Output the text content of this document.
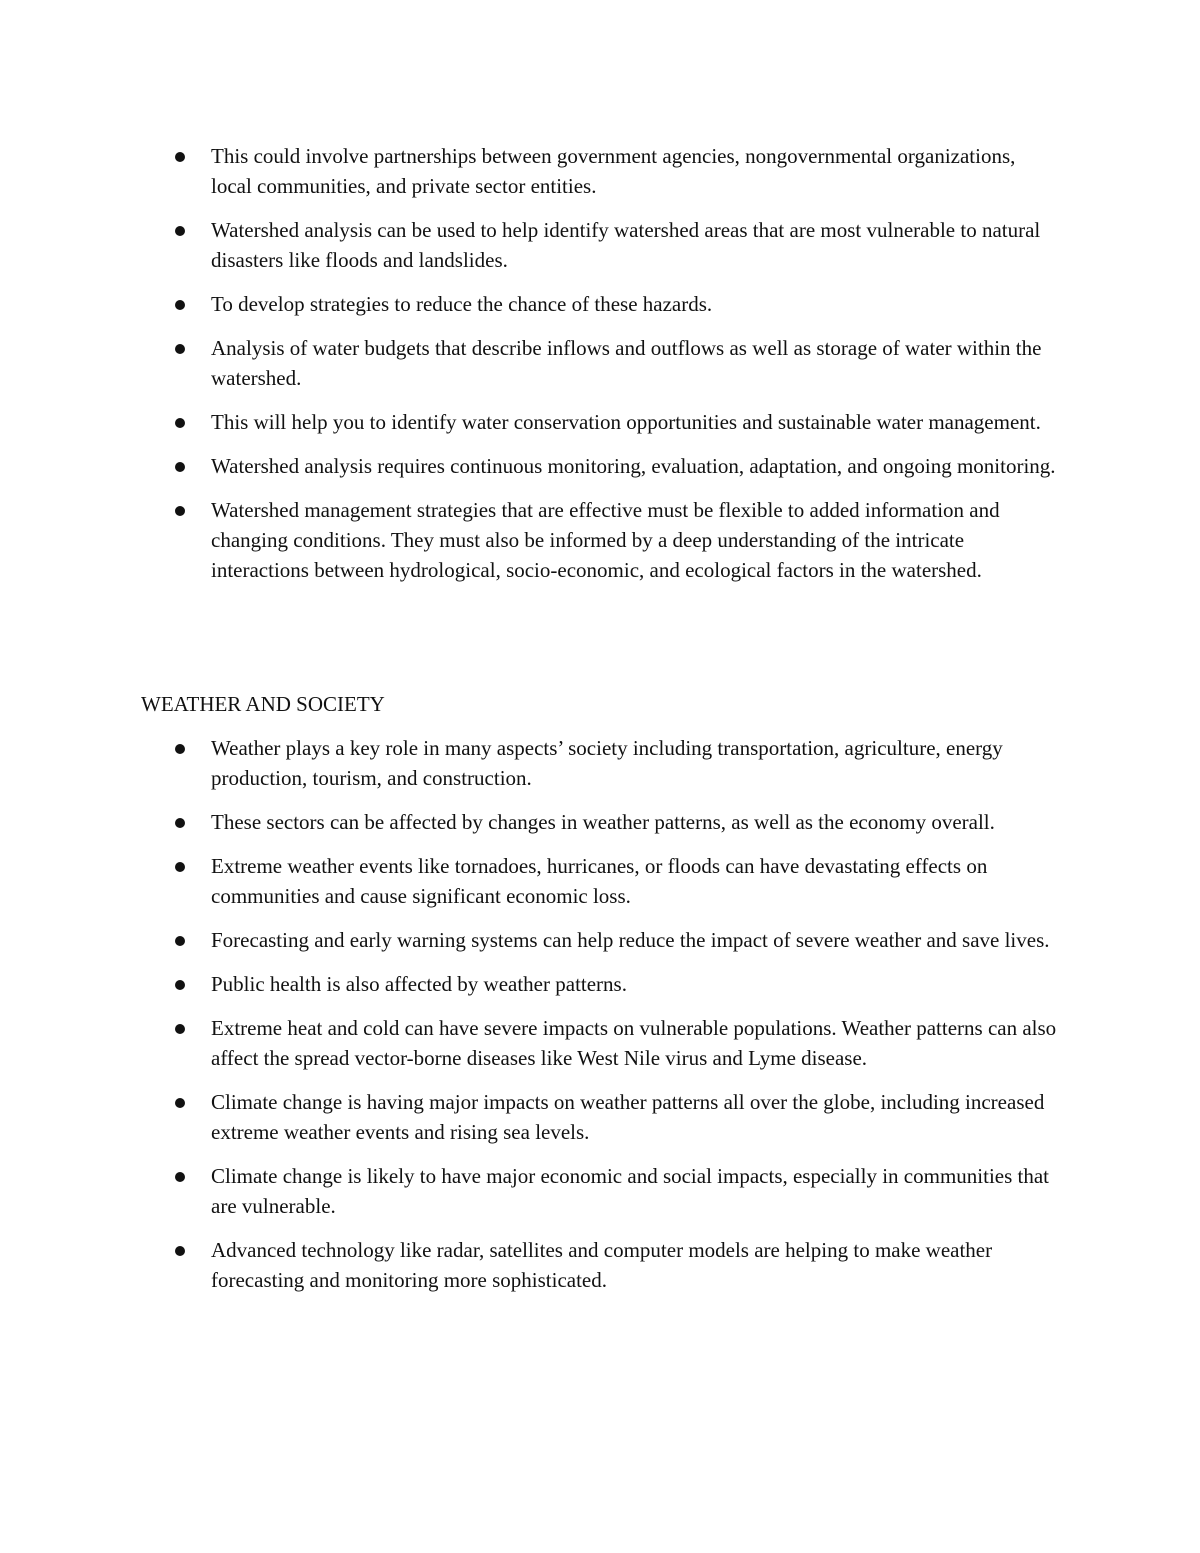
This could involve partnerships between government agencies, nongovernmental organizations, local communities, and private sector entities.
Watershed analysis can be used to help identify watershed areas that are most vulnerable to natural disasters like floods and landslides.
To develop strategies to reduce the chance of these hazards.
Analysis of water budgets that describe inflows and outflows as well as storage of water within the watershed.
This will help you to identify water conservation opportunities and sustainable water management.
Watershed analysis requires continuous monitoring, evaluation, adaptation, and ongoing monitoring.
Watershed management strategies that are effective must be flexible to added information and changing conditions. They must also be informed by a deep understanding of the intricate interactions between hydrological, socio-economic, and ecological factors in the watershed.
WEATHER AND SOCIETY
Weather plays a key role in many aspects’ society including transportation, agriculture, energy production, tourism, and construction.
These sectors can be affected by changes in weather patterns, as well as the economy overall.
Extreme weather events like tornadoes, hurricanes, or floods can have devastating effects on communities and cause significant economic loss.
Forecasting and early warning systems can help reduce the impact of severe weather and save lives.
Public health is also affected by weather patterns.
Extreme heat and cold can have severe impacts on vulnerable populations. Weather patterns can also affect the spread vector-borne diseases like West Nile virus and Lyme disease.
Climate change is having major impacts on weather patterns all over the globe, including increased extreme weather events and rising sea levels.
Climate change is likely to have major economic and social impacts, especially in communities that are vulnerable.
Advanced technology like radar, satellites and computer models are helping to make weather forecasting and monitoring more sophisticated.
